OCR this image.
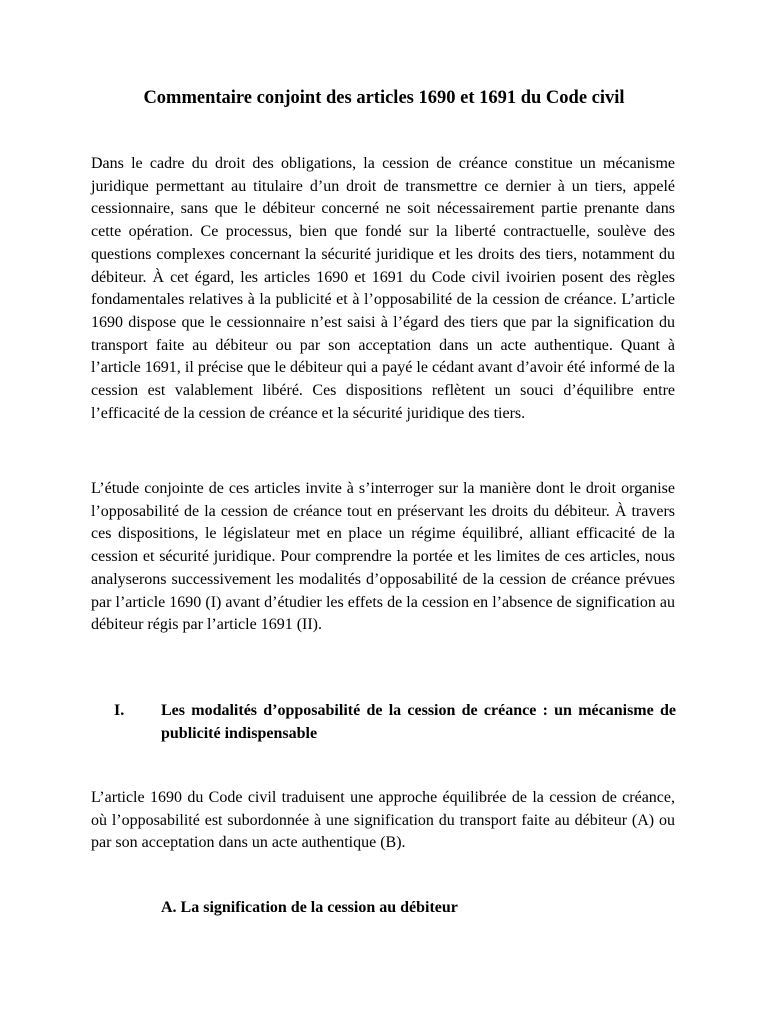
Commentaire conjoint des articles 1690 et 1691 du Code civil

Dans le cadre du droit des obligations, la cession de créance constitue un mécanisme juridique permettant au titulaire d’un droit de transmettre ce dernier à un tiers, appelé cessionnaire, sans que le débiteur concerné ne soit nécessairement partie prenante dans cette opération. Ce processus, bien que fondé sur la liberté contractuelle, soulève des questions complexes concernant la sécurité juridique et les droits des tiers, notamment du débiteur. À cet égard, les articles 1690 et 1691 du Code civil ivoirien posent des règles fondamentales relatives à la publicité et à l’opposabilité de la cession de créance. L’article 1690 dispose que le cessionnaire n’est saisi à l’égard des tiers que par la signification du transport faite au débiteur ou par son acceptation dans un acte authentique. Quant à l’article 1691, il précise que le débiteur qui a payé le cédant avant d’avoir été informé de la cession est valablement libéré. Ces dispositions reflètent un souci d’équilibre entre l’efficacité de la cession de créance et la sécurité juridique des tiers.

L’étude conjointe de ces articles invite à s’interroger sur la manière dont le droit organise l’opposabilité de la cession de créance tout en préservant les droits du débiteur. À travers ces dispositions, le législateur met en place un régime équilibré, alliant efficacité de la cession et sécurité juridique. Pour comprendre la portée et les limites de ces articles, nous analyserons successivement les modalités d’opposabilité de la cession de créance prévues par l’article 1690 (I) avant d’étudier les effets de la cession en l’absence de signification au débiteur régis par l’article 1691 (II).

I. Les modalités d’opposabilité de la cession de créance : un mécanisme de publicité indispensable

L’article 1690 du Code civil traduisent une approche équilibrée de la cession de créance, où l’opposabilité est subordonnée à une signification du transport faite au débiteur (A) ou par son acceptation dans un acte authentique (B).

A. La signification de la cession au débiteur
